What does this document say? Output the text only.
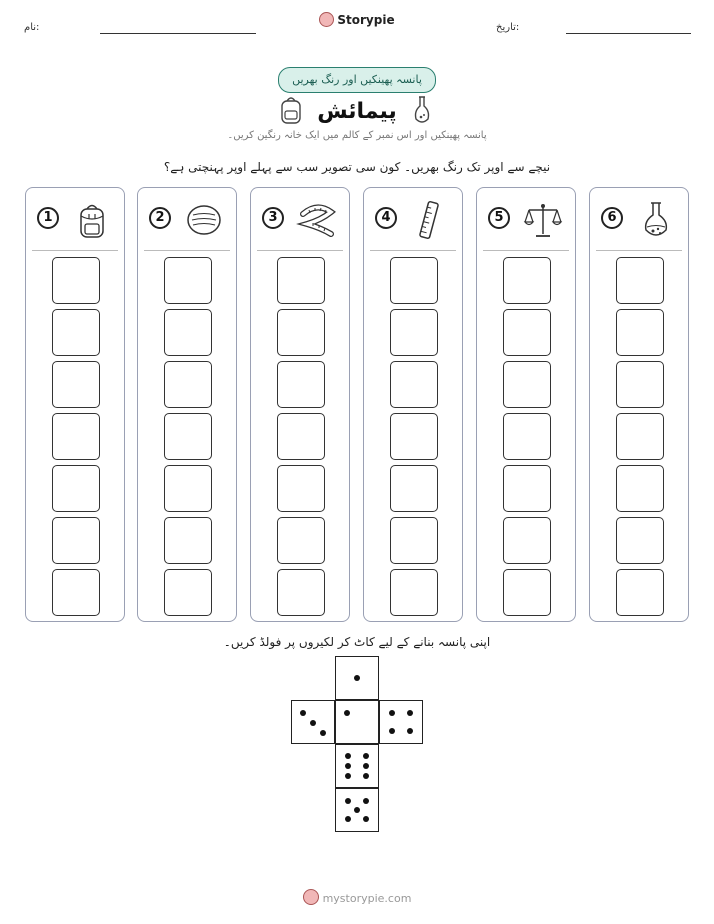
نام:
Storypie
تاریخ:
پانسہ پھینکیں اور رنگ بھریں
پیمائش
پانسہ پھینکیں اور اس نمبر کے کالم میں ایک خانہ رنگین کریں۔
نیچے سے اوپر تک رنگ بھریں۔ کون سی تصویر سب سے پہلے اوپر پہنچتی ہے؟
1	2	3	4	5	6
اپنی پانسہ بنانے کے لیے کاٹ کر لکیروں پر فولڈ کریں۔
mystorypie.com
